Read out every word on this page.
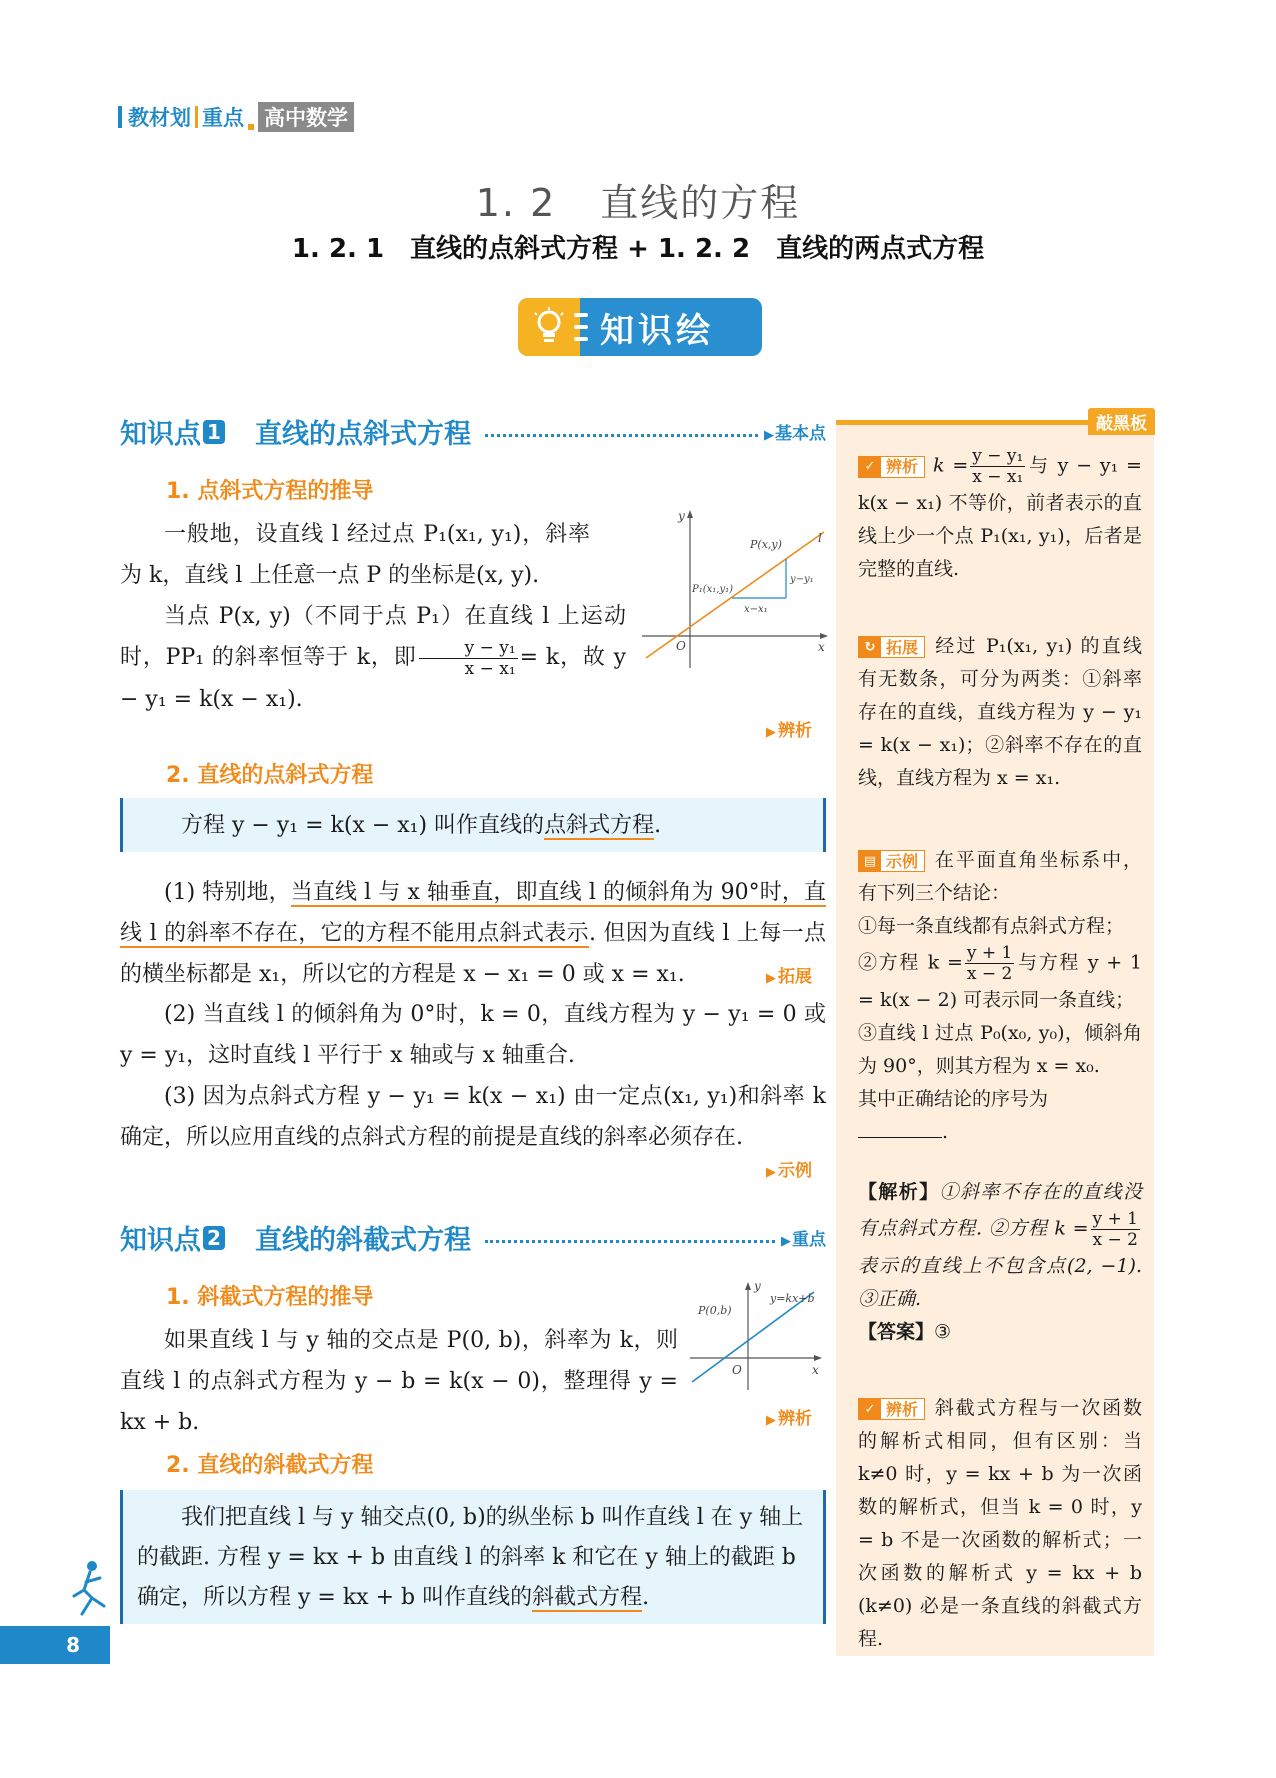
教材划 重点 高中数学
1. 2 直线的方程
1. 2. 1　直线的点斜式方程 + 1. 2. 2　直线的两点式方程
知识绘
知识点 1 直线的点斜式方程	▶ 基本点
1. 点斜式方程的推导
一般地，设直线 l 经过点 P₁(x₁, y₁)，斜率为 k，直线 l 上任意一点 P 的坐标是(x, y).
当点 P(x, y)（不同于点 P₁）在直线 l 上运动时，PP₁ 的斜率恒等于 k，即 $\frac{\text{y − y₁}}{\text{x − x₁}} = k$，故 y − y₁ = k(x − x₁).
y
x
O
l
P(x,y)
P₁(x₁,y₁)
x−x₁
y−y₁
▶ 辨析
2. 直线的点斜式方程
方程 y − y₁ = k(x − x₁) 叫作直线的点斜式方程.
(1) 特别地，当直线 l 与 x 轴垂直，即直线 l 的倾斜角为 90°时，直线 l 的斜率不存在，它的方程不能用点斜式表示. 但因为直线 l 上每一点的横坐标都是 x₁，所以它的方程是 x − x₁ = 0 或 x = x₁.	▶ 拓展
(2) 当直线 l 的倾斜角为 0°时，k = 0，直线方程为 y − y₁ = 0 或 y = y₁，这时直线 l 平行于 x 轴或与 x 轴重合.
(3) 因为点斜式方程 y − y₁ = k(x − x₁) 由一定点(x₁, y₁)和斜率 k 确定，所以应用直线的点斜式方程的前提是直线的斜率必须存在.
▶ 示例
知识点 2 直线的斜截式方程	▶ 重点
1. 斜截式方程的推导
如果直线 l 与 y 轴的交点是 P(0, b)，斜率为 k，则直线 l 的点斜式方程为 y − b = k(x − 0)，整理得 y = kx + b.
y
x
O
P(0,b)
y=kx+b
▶ 辨析
2. 直线的斜截式方程
我们把直线 l 与 y 轴交点(0, b)的纵坐标 b 叫作直线 l 在 y 轴上的截距. 方程 y = kx + b 由直线 l 的斜率 k 和它在 y 轴上的截距 b 确定，所以方程 y = kx + b 叫作直线的斜截式方程.
敲黑板
✓ 辨析 $k = \frac{\text{y − y₁}}{\text{x − x₁}}$ 与 y − y₁ = k(x − x₁) 不等价，前者表示的直线上少一个点 P₁(x₁, y₁)，后者是完整的直线.
↻ 拓展 经过 P₁(x₁, y₁) 的直线有无数条，可分为两类：①斜率存在的直线，直线方程为 y − y₁ = k(x − x₁)；②斜率不存在的直线，直线方程为 x = x₁.
▤ 示例 在平面直角坐标系中，有下列三个结论：
①每一条直线都有点斜式方程；
②方程 $k = \frac{y + 1}{x - 2}$ 与方程 y + 1 = k(x − 2) 可表示同一条直线；
③直线 l 过点 P₀(x₀, y₀)，倾斜角为 90°，则其方程为 x = x₀.
其中正确结论的序号为
.
【解析】①斜率不存在的直线没有点斜式方程. ②方程 $k = \frac{y + 1}{x - 2}$
表示的直线上不包含点(2, −1). ③正确.
【答案】③
✓ 辨析 斜截式方程与一次函数的解析式相同，但有区别：当 k≠0 时，y = kx + b 为一次函数的解析式，但当 k = 0 时，y = b 不是一次函数的解析式；一次函数的解析式 y = kx + b (k≠0) 必是一条直线的斜截式方程.
8
